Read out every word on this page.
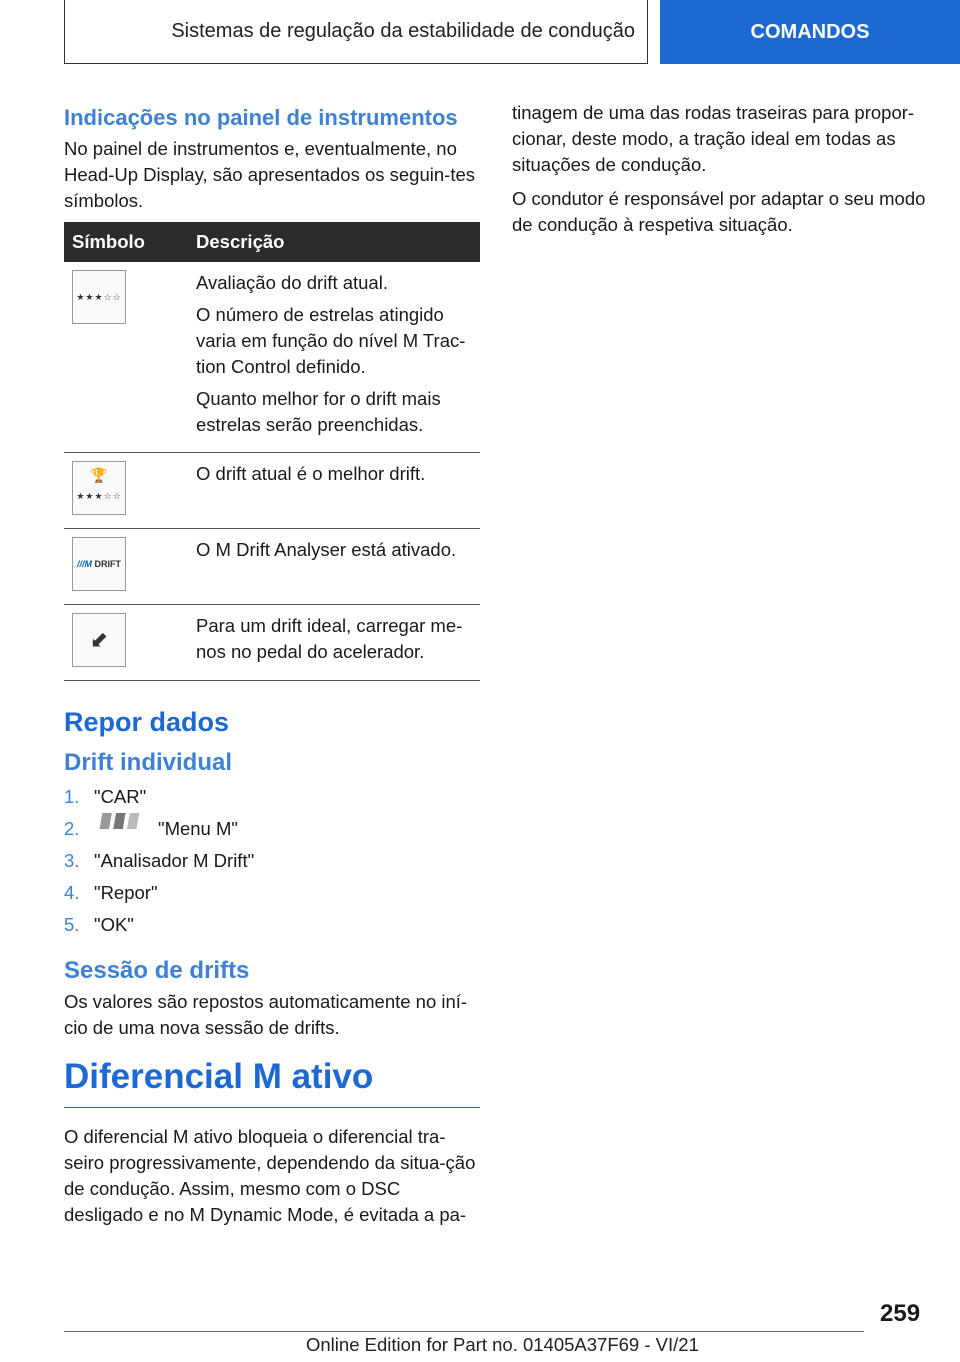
Sistemas de regulação da estabilidade de condução	COMANDOS
Indicações no painel de instrumentos

No painel de instrumentos e, eventualmente, no Head-Up Display, são apresentados os seguin-tes símbolos.

Símbolo	Descrição

★★★☆☆	Avaliação do drift atual.

O número de estrelas atingido varia em função do nível M Trac-tion Control definido.

Quanto melhor for o drift mais estrelas serão preenchidas.

🏆
★★★☆☆	O drift atual é o melhor drift.

///M DRIFT	O M Drift Analyser está ativado.

⬋	Para um drift ideal, carregar me-nos no pedal do acelerador.

Repor dados
Drift individual
1. "CAR"
2.	"Menu M"
3. "Analisador M Drift"
4. "Repor"
5. "OK"
Sessão de drifts

Os valores são repostos automaticamente no iní-cio de uma nova sessão de drifts.

Diferencial M ativo

O diferencial M ativo bloqueia o diferencial tra-seiro progressivamente, dependendo da situa-ção de condução. Assim, mesmo com o DSC desligado e no M Dynamic Mode, é evitada a pa-

tinagem de uma das rodas traseiras para propor-cionar, deste modo, a tração ideal em todas as situações de condução.

O condutor é responsável por adaptar o seu modo de condução à respetiva situação.

259
Online Edition for Part no. 01405A37F69 - VI/21
